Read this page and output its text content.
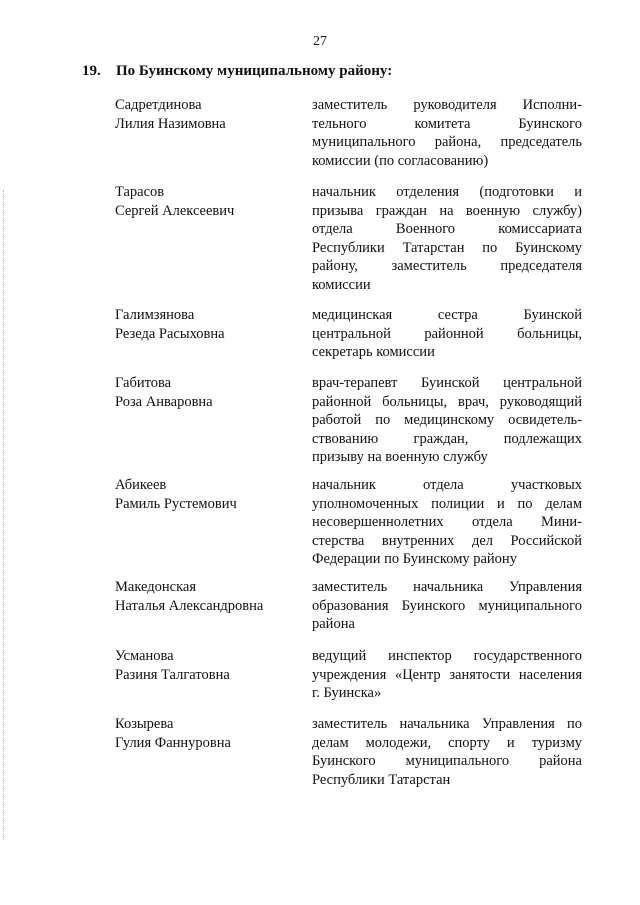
27
19. По Буинскому муниципальному району:
Садретдинова
Лилия Назимовна
заместитель руководителя Исполни-
тельного комитета Буинского
муниципального района, председатель
комиссии (по согласованию)
Тарасов
Сергей Алексеевич
начальник отделения (подготовки и
призыва граждан на военную службу)
отдела Военного комиссариата
Республики Татарстан по Буинскому
району, заместитель председателя
комиссии
Галимзянова
Резеда Расыховна
медицинская сестра Буинской
центральной районной больницы,
секретарь комиссии
Габитова
Роза Анваровна
врач-терапевт Буинской центральной
районной больницы, врач, руководящий
работой по медицинскому освидетель-
ствованию граждан, подлежащих
призыву на военную службу
Абикеев
Рамиль Рустемович
начальник отдела участковых
уполномоченных полиции и по делам
несовершеннолетних отдела Мини-
стерства внутренних дел Российской
Федерации по Буинскому району
Македонская
Наталья Александровна
заместитель начальника Управления
образования Буинского муниципального
района
Усманова
Разиня Талгатовна
ведущий инспектор государственного
учреждения «Центр занятости населения
г. Буинска»
Козырева
Гулия Фаннуровна
заместитель начальника Управления по
делам молодежи, спорту и туризму
Буинского муниципального района
Республики Татарстан
